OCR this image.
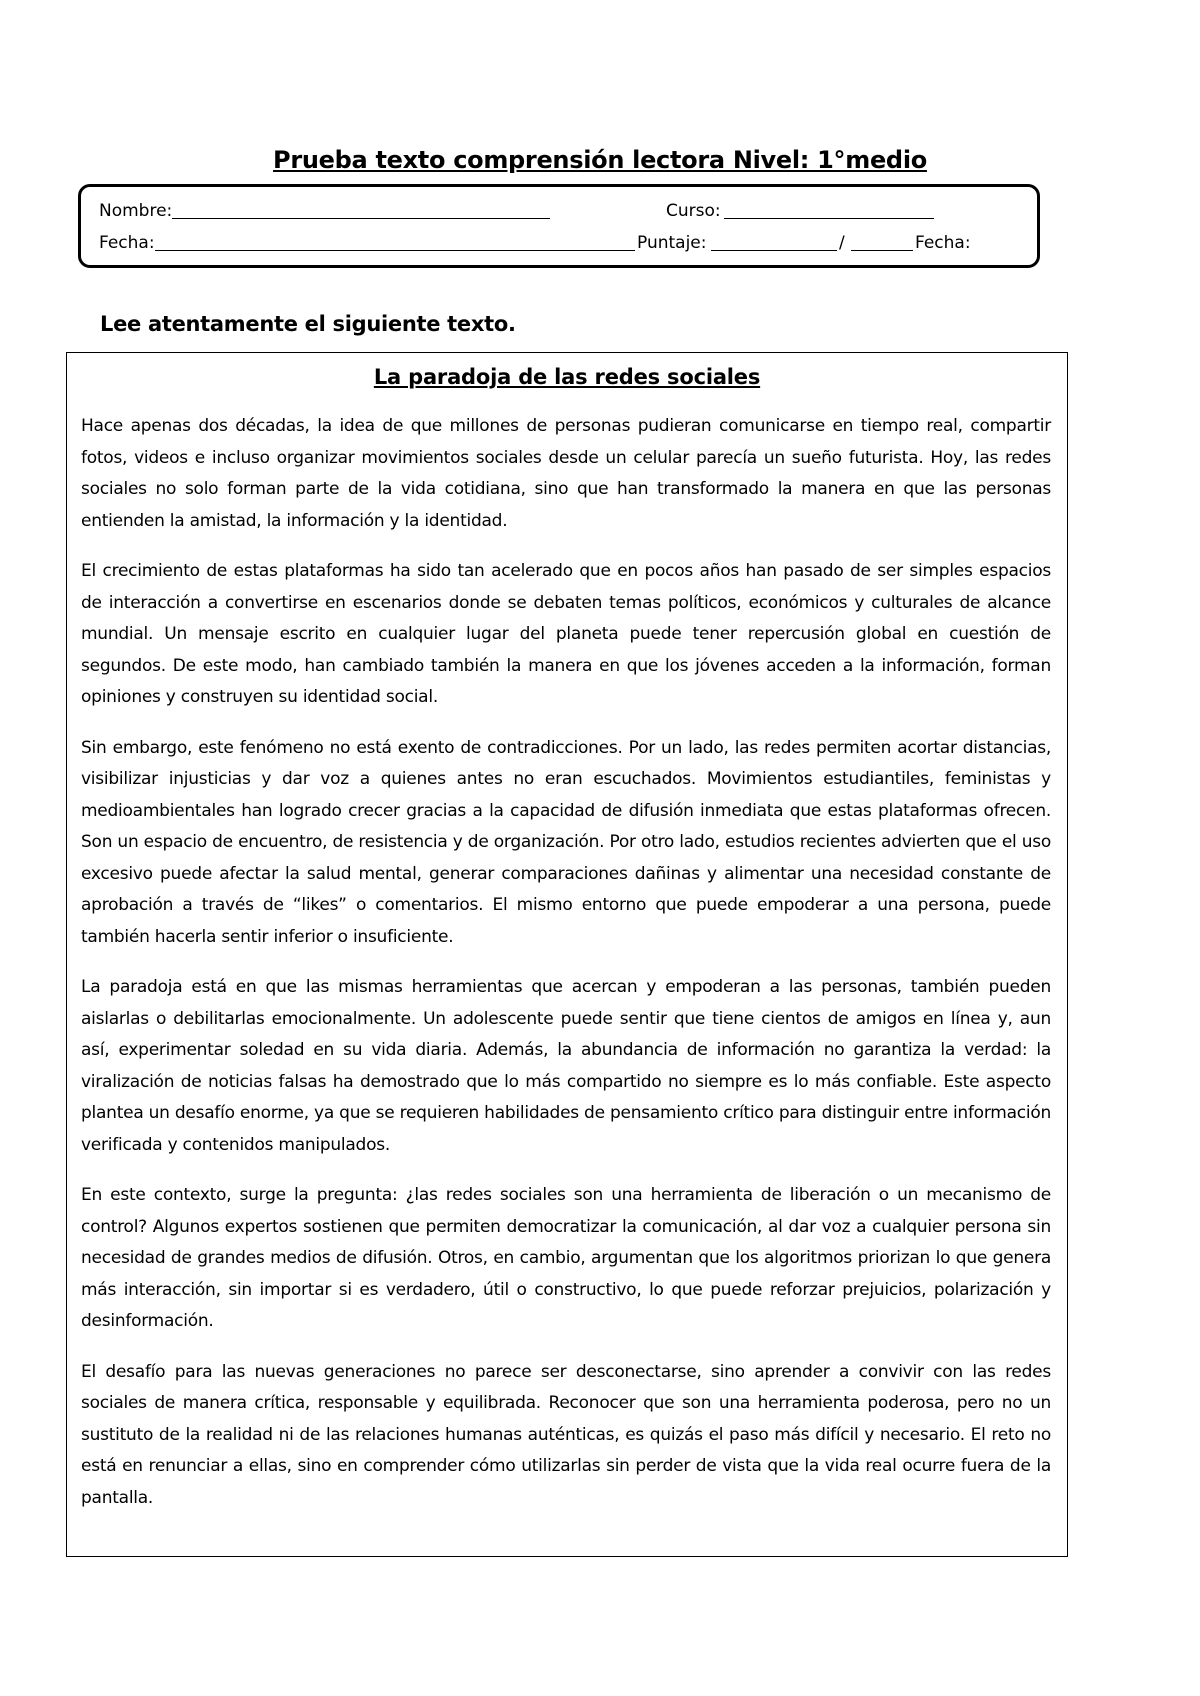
Prueba texto comprensión lectora Nivel: 1°medio
Nombre:	Curso:
Fecha:	Puntaje:	/	Fecha:
Lee atentamente el siguiente texto.
La paradoja de las redes sociales

Hace apenas dos décadas, la idea de que millones de personas pudieran comunicarse en tiempo real, compartir fotos, videos e incluso organizar movimientos sociales desde un celular parecía un sueño futurista. Hoy, las redes sociales no solo forman parte de la vida cotidiana, sino que han transformado la manera en que las personas entienden la amistad, la información y la identidad.

El crecimiento de estas plataformas ha sido tan acelerado que en pocos años han pasado de ser simples espacios de interacción a convertirse en escenarios donde se debaten temas políticos, económicos y culturales de alcance mundial. Un mensaje escrito en cualquier lugar del planeta puede tener repercusión global en cuestión de segundos. De este modo, han cambiado también la manera en que los jóvenes acceden a la información, forman opiniones y construyen su identidad social.

Sin embargo, este fenómeno no está exento de contradicciones. Por un lado, las redes permiten acortar distancias, visibilizar injusticias y dar voz a quienes antes no eran escuchados. Movimientos estudiantiles, feministas y medioambientales han logrado crecer gracias a la capacidad de difusión inmediata que estas plataformas ofrecen. Son un espacio de encuentro, de resistencia y de organización. Por otro lado, estudios recientes advierten que el uso excesivo puede afectar la salud mental, generar comparaciones dañinas y alimentar una necesidad constante de aprobación a través de “likes” o comentarios. El mismo entorno que puede empoderar a una persona, puede también hacerla sentir inferior o insuficiente.

La paradoja está en que las mismas herramientas que acercan y empoderan a las personas, también pueden aislarlas o debilitarlas emocionalmente. Un adolescente puede sentir que tiene cientos de amigos en línea y, aun así, experimentar soledad en su vida diaria. Además, la abundancia de información no garantiza la verdad: la viralización de noticias falsas ha demostrado que lo más compartido no siempre es lo más confiable. Este aspecto plantea un desafío enorme, ya que se requieren habilidades de pensamiento crítico para distinguir entre información verificada y contenidos manipulados.

En este contexto, surge la pregunta: ¿las redes sociales son una herramienta de liberación o un mecanismo de control? Algunos expertos sostienen que permiten democratizar la comunicación, al dar voz a cualquier persona sin necesidad de grandes medios de difusión. Otros, en cambio, argumentan que los algoritmos priorizan lo que genera más interacción, sin importar si es verdadero, útil o constructivo, lo que puede reforzar prejuicios, polarización y desinformación.

El desafío para las nuevas generaciones no parece ser desconectarse, sino aprender a convivir con las redes sociales de manera crítica, responsable y equilibrada. Reconocer que son una herramienta poderosa, pero no un sustituto de la realidad ni de las relaciones humanas auténticas, es quizás el paso más difícil y necesario. El reto no está en renunciar a ellas, sino en comprender cómo utilizarlas sin perder de vista que la vida real ocurre fuera de la pantalla.
